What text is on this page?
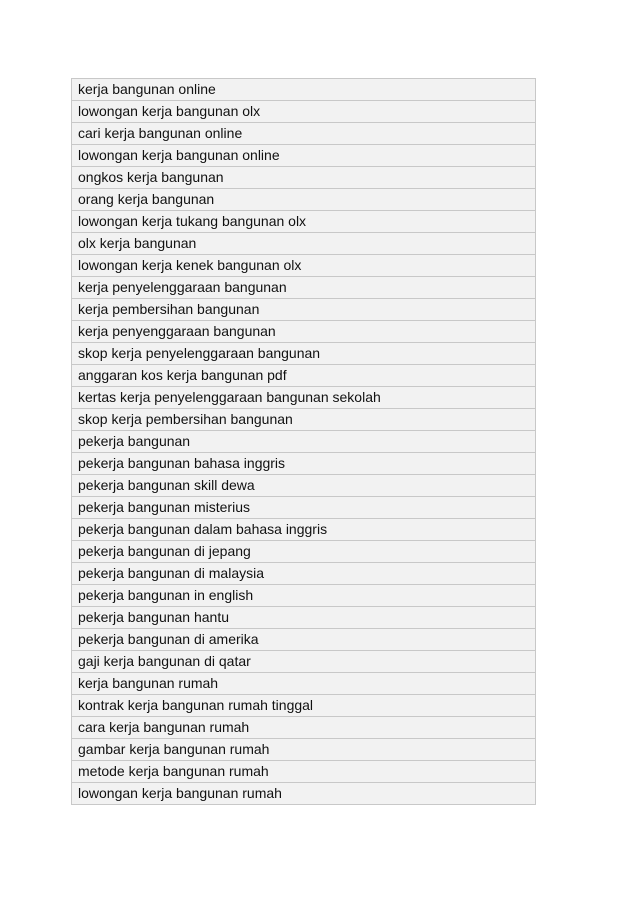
kerja bangunan online
lowongan kerja bangunan olx
cari kerja bangunan online
lowongan kerja bangunan online
ongkos kerja bangunan
orang kerja bangunan
lowongan kerja tukang bangunan olx
olx kerja bangunan
lowongan kerja kenek bangunan olx
kerja penyelenggaraan bangunan
kerja pembersihan bangunan
kerja penyenggaraan bangunan
skop kerja penyelenggaraan bangunan
anggaran kos kerja bangunan pdf
kertas kerja penyelenggaraan bangunan sekolah
skop kerja pembersihan bangunan
pekerja bangunan
pekerja bangunan bahasa inggris
pekerja bangunan skill dewa
pekerja bangunan misterius
pekerja bangunan dalam bahasa inggris
pekerja bangunan di jepang
pekerja bangunan di malaysia
pekerja bangunan in english
pekerja bangunan hantu
pekerja bangunan di amerika
gaji kerja bangunan di qatar
kerja bangunan rumah
kontrak kerja bangunan rumah tinggal
cara kerja bangunan rumah
gambar kerja bangunan rumah
metode kerja bangunan rumah
lowongan kerja bangunan rumah
